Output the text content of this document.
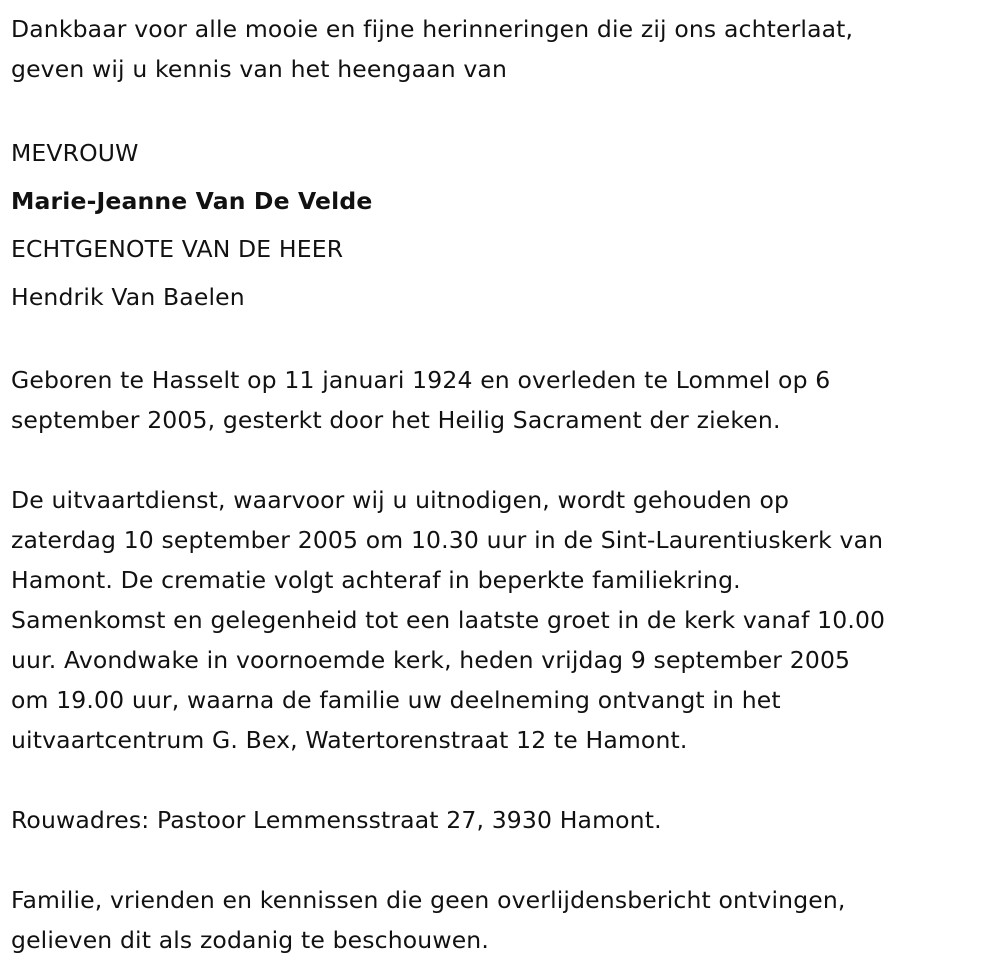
Dankbaar voor alle mooie en fijne herinneringen die zij ons achterlaat,

geven wij u kennis van het heengaan van

MEVROUW

Marie-Jeanne Van De Velde

ECHTGENOTE VAN DE HEER

Hendrik Van Baelen

Geboren te Hasselt op 11 januari 1924 en overleden te Lommel op 6

september 2005, gesterkt door het Heilig Sacrament der zieken.

De uitvaartdienst, waarvoor wij u uitnodigen, wordt gehouden op

zaterdag 10 september 2005 om 10.30 uur in de Sint-Laurentiuskerk van

Hamont. De crematie volgt achteraf in beperkte familiekring.

Samenkomst en gelegenheid tot een laatste groet in de kerk vanaf 10.00

uur. Avondwake in voornoemde kerk, heden vrijdag 9 september 2005

om 19.00 uur, waarna de familie uw deelneming ontvangt in het

uitvaartcentrum G. Bex, Watertorenstraat 12 te Hamont.

Rouwadres: Pastoor Lemmensstraat 27, 3930 Hamont.

Familie, vrienden en kennissen die geen overlijdensbericht ontvingen,

gelieven dit als zodanig te beschouwen.
